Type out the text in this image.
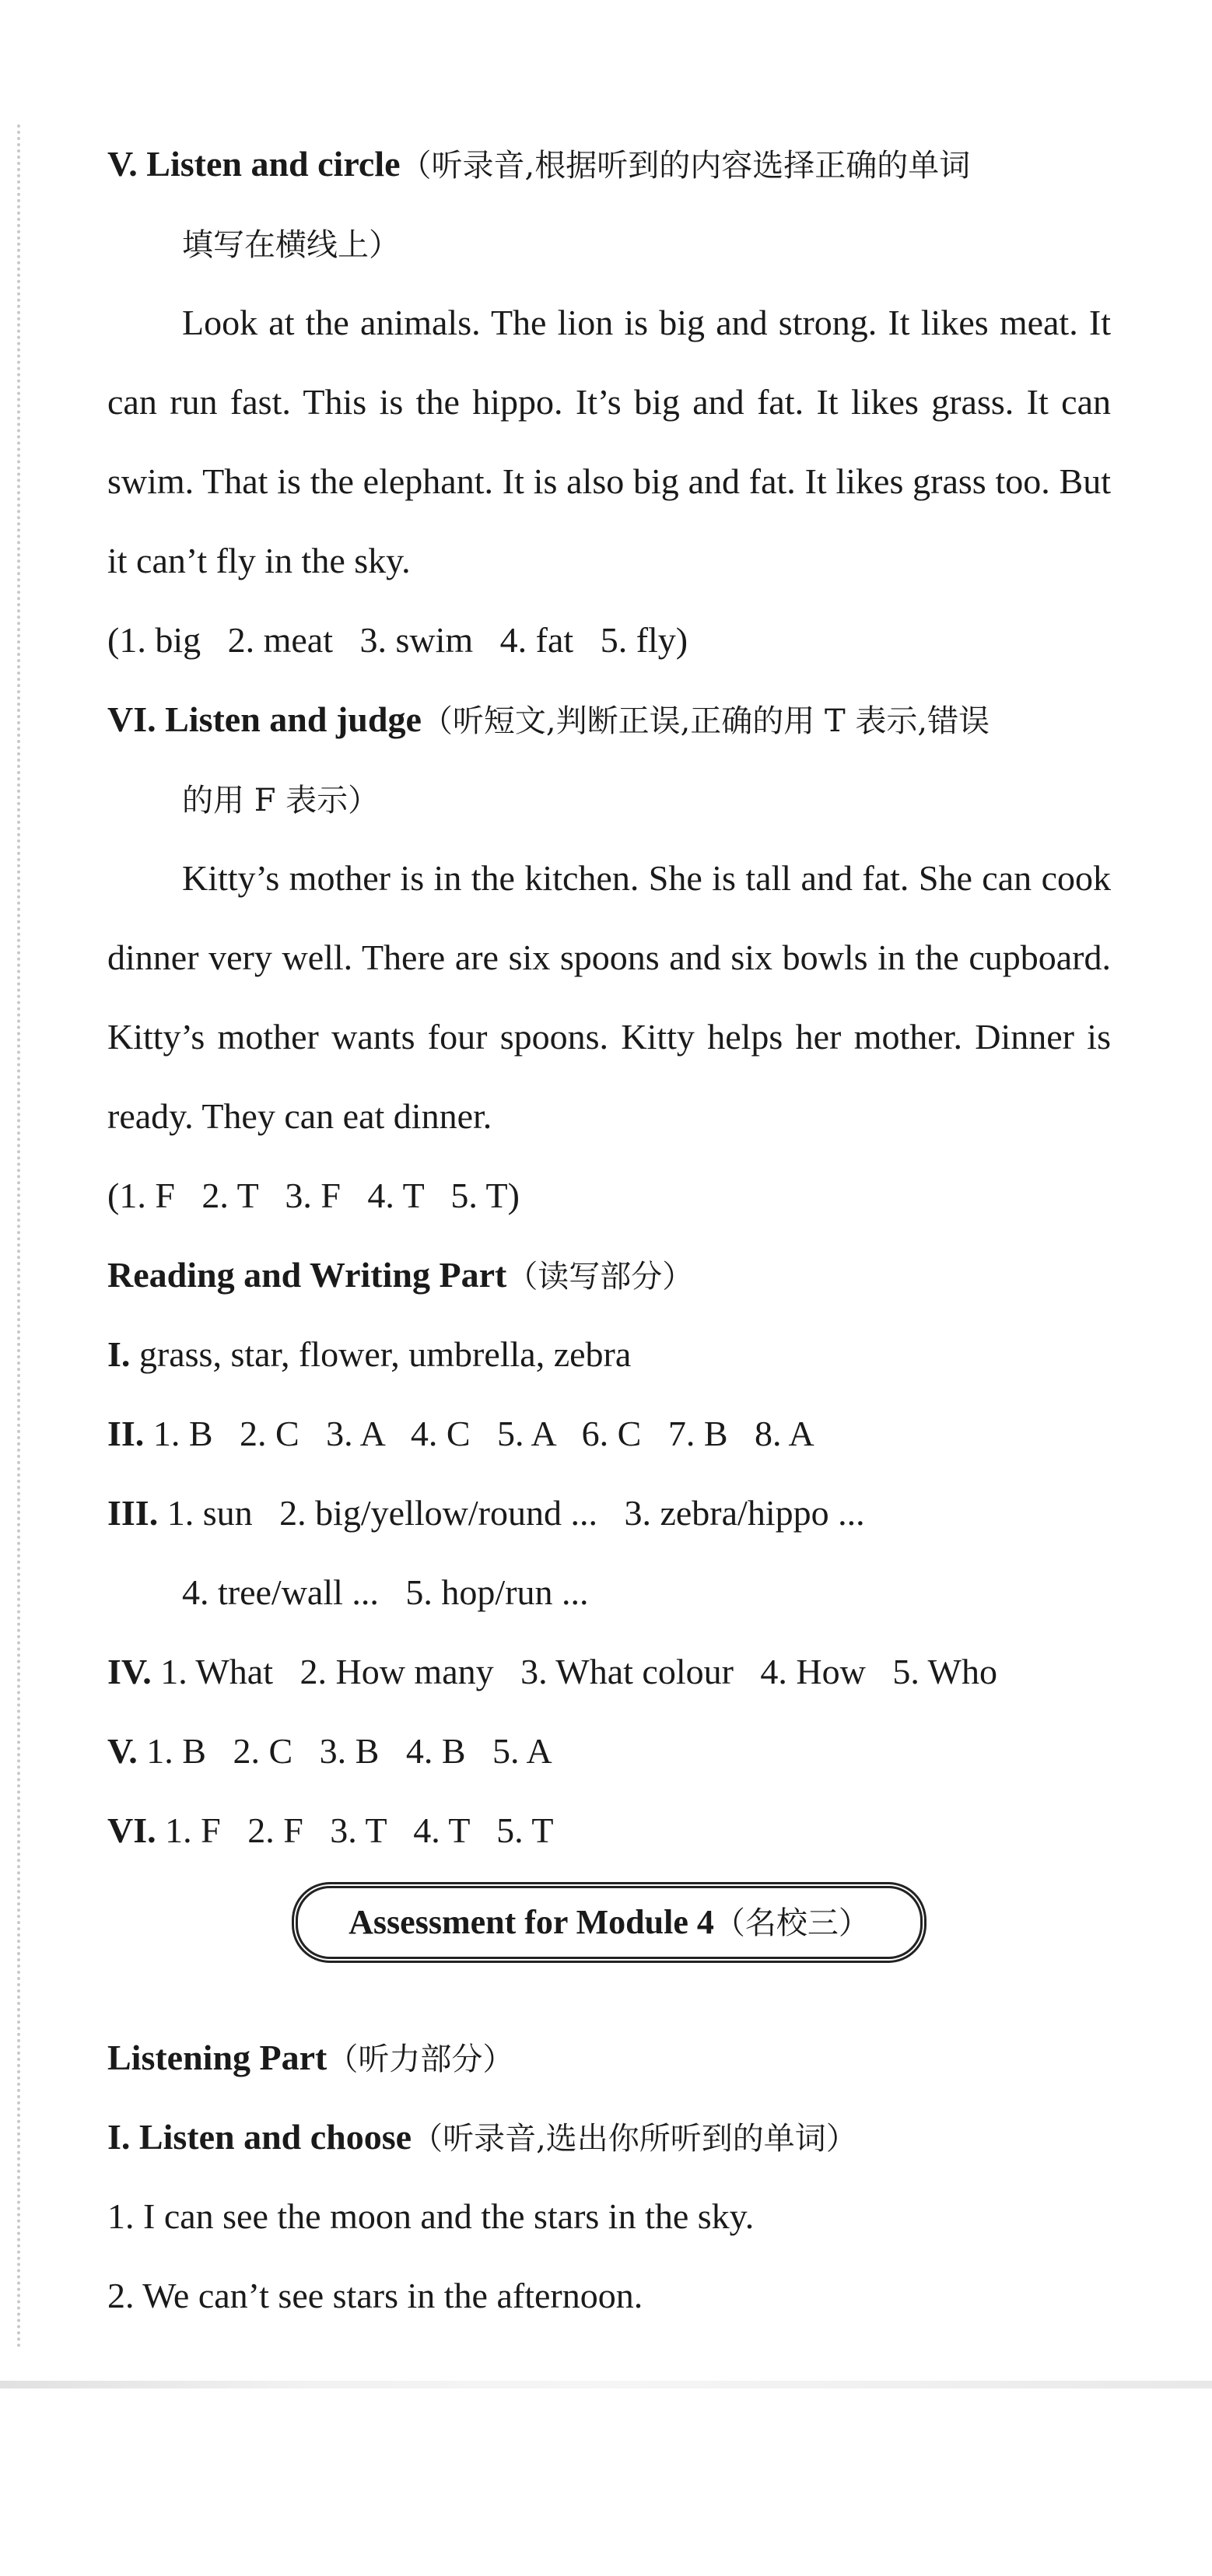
V. Listen and circle（听录音,根据听到的内容选择正确的单词
填写在横线上）
Look at the animals. The lion is big and strong. It likes meat. It can run fast. This is the hippo. It’s big and fat. It likes grass. It can swim. That is the elephant. It is also big and fat. It likes grass too. But it can’t fly in the sky.
(1. big   2. meat   3. swim   4. fat   5. fly)
VI. Listen and judge（听短文,判断正误,正确的用 T 表示,错误
的用 F 表示）
Kitty’s mother is in the kitchen. She is tall and fat. She can cook dinner very well. There are six spoons and six bowls in the cupboard. Kitty’s mother wants four spoons. Kitty helps her mother. Dinner is ready. They can eat dinner.
(1. F   2. T   3. F   4. T   5. T)
Reading and Writing Part（读写部分）
I. grass, star, flower, umbrella, zebra
II. 1. B   2. C   3. A   4. C   5. A   6. C   7. B   8. A
III. 1. sun   2. big/yellow/round ...   3. zebra/hippo ...
4. tree/wall ...   5. hop/run ...
IV. 1. What   2. How many   3. What colour   4. How   5. Who
V. 1. B   2. C   3. B   4. B   5. A
VI. 1. F   2. F   3. T   4. T   5. T
Assessment for Module 4（名校三）
Listening Part（听力部分）
I. Listen and choose（听录音,选出你所听到的单词）
1. I can see the moon and the stars in the sky.
2. We can’t see stars in the afternoon.
